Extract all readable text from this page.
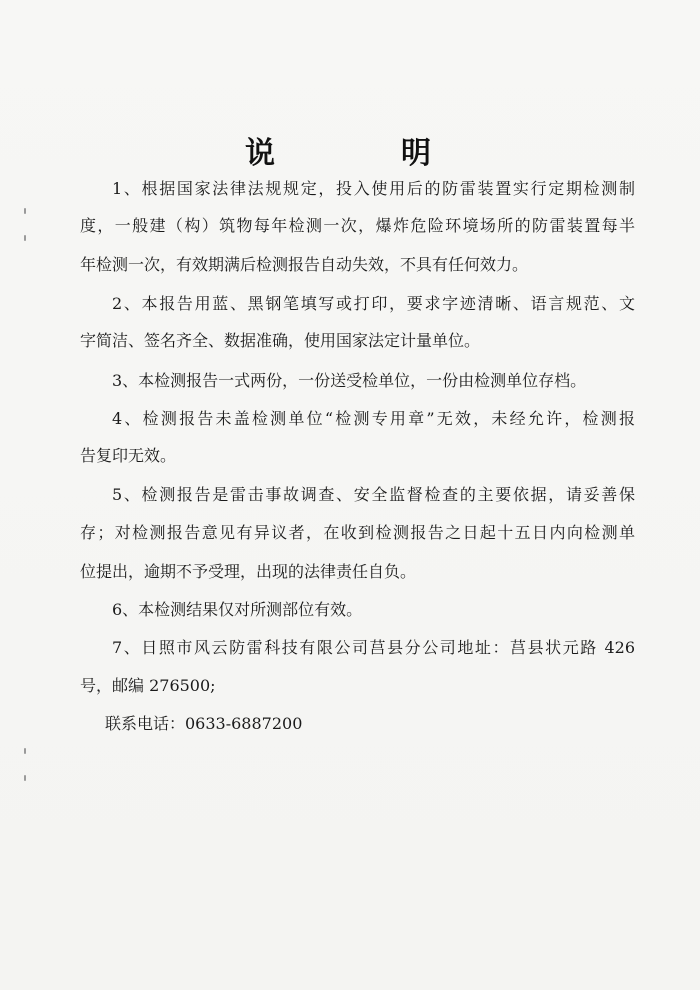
说　明
1、根据国家法律法规规定，投入使用后的防雷装置实行定期检测制
度，一般建（构）筑物每年检测一次，爆炸危险环境场所的防雷装置每半
年检测一次，有效期满后检测报告自动失效，不具有任何效力。
2、本报告用蓝、黑钢笔填写或打印，要求字迹清晰、语言规范、文
字简洁、签名齐全、数据准确，使用国家法定计量单位。
3、本检测报告一式两份，一份送受检单位，一份由检测单位存档。
4、检测报告未盖检测单位“检测专用章”无效，未经允许，检测报
告复印无效。
5、检测报告是雷击事故调查、安全监督检查的主要依据，请妥善保
存；对检测报告意见有异议者，在收到检测报告之日起十五日内向检测单
位提出，逾期不予受理，出现的法律责任自负。
6、本检测结果仅对所测部位有效。
7、日照市风云防雷科技有限公司莒县分公司地址：莒县状元路 426
号，邮编 276500;
联系电话：0633-6887200
